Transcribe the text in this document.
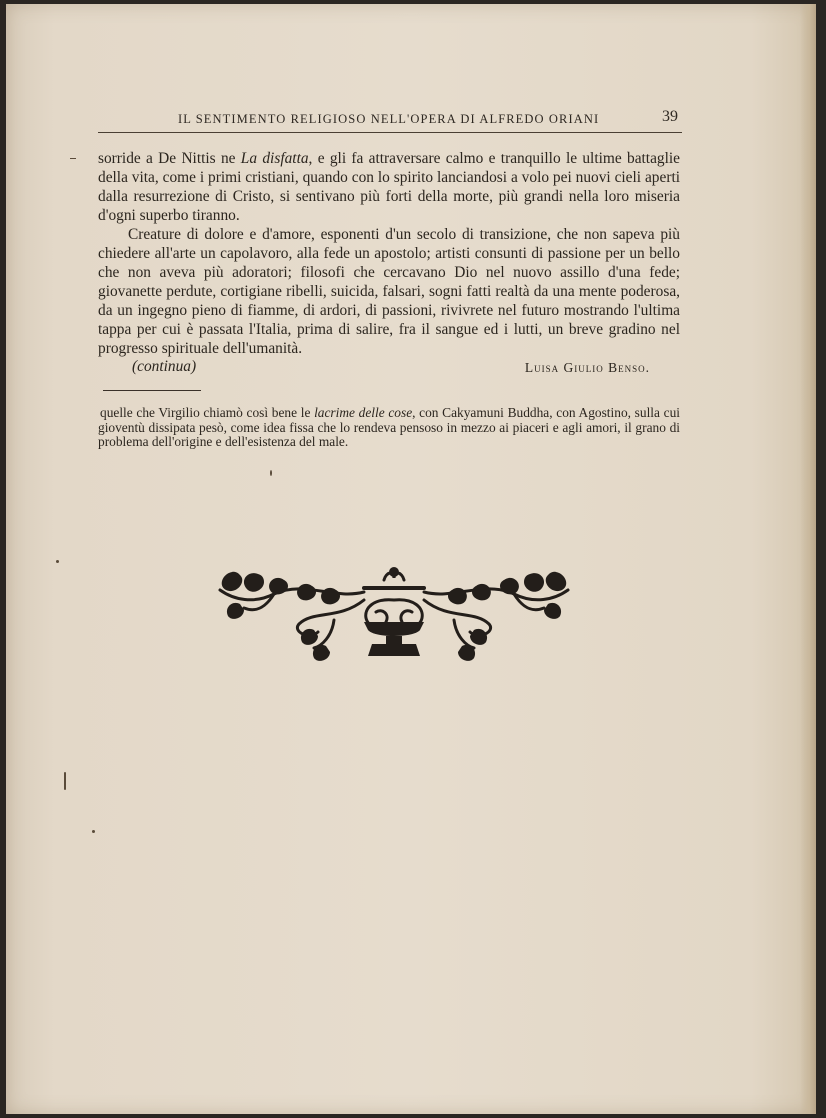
IL SENTIMENTO RELIGIOSO NELL'OPERA DI ALFREDO ORIANI	39

sorride a De Nittis ne La disfatta, e gli fa attraversare calmo e tranquillo le ultime battaglie della vita, come i primi cristiani, quando con lo spirito lanciandosi a volo pei nuovi cieli aperti dalla resurrezione di Cristo, si sentivano più forti della morte, più grandi nella loro miseria d'ogni superbo tiranno.

Creature di dolore e d'amore, esponenti d'un secolo di transizione, che non sapeva più chiedere all'arte un capolavoro, alla fede un apostolo; artisti consunti di passione per un bello che non aveva più adoratori; filosofi che cercavano Dio nel nuovo assillo d'una fede; giovanette perdute, cortigiane ribelli, suicida, falsari, sogni fatti realtà da una mente poderosa, da un ingegno pieno di fiamme, di ardori, di passioni, rivivrete nel futuro mostrando l'ultima tappa per cui è passata l'Italia, prima di salire, fra il sangue ed i lutti, un breve gradino nel progresso spirituale dell'umanità.

(continua)	Luisa Giulio Benso.

quelle che Virgilio chiamò così bene le lacrime delle cose, con Cakyamuni Buddha, con Agostino, sulla cui gioventù dissipata pesò, come idea fissa che lo rendeva pensoso in mezzo ai piaceri e agli amori, il grano di problema dell'origine e dell'esistenza del male.
